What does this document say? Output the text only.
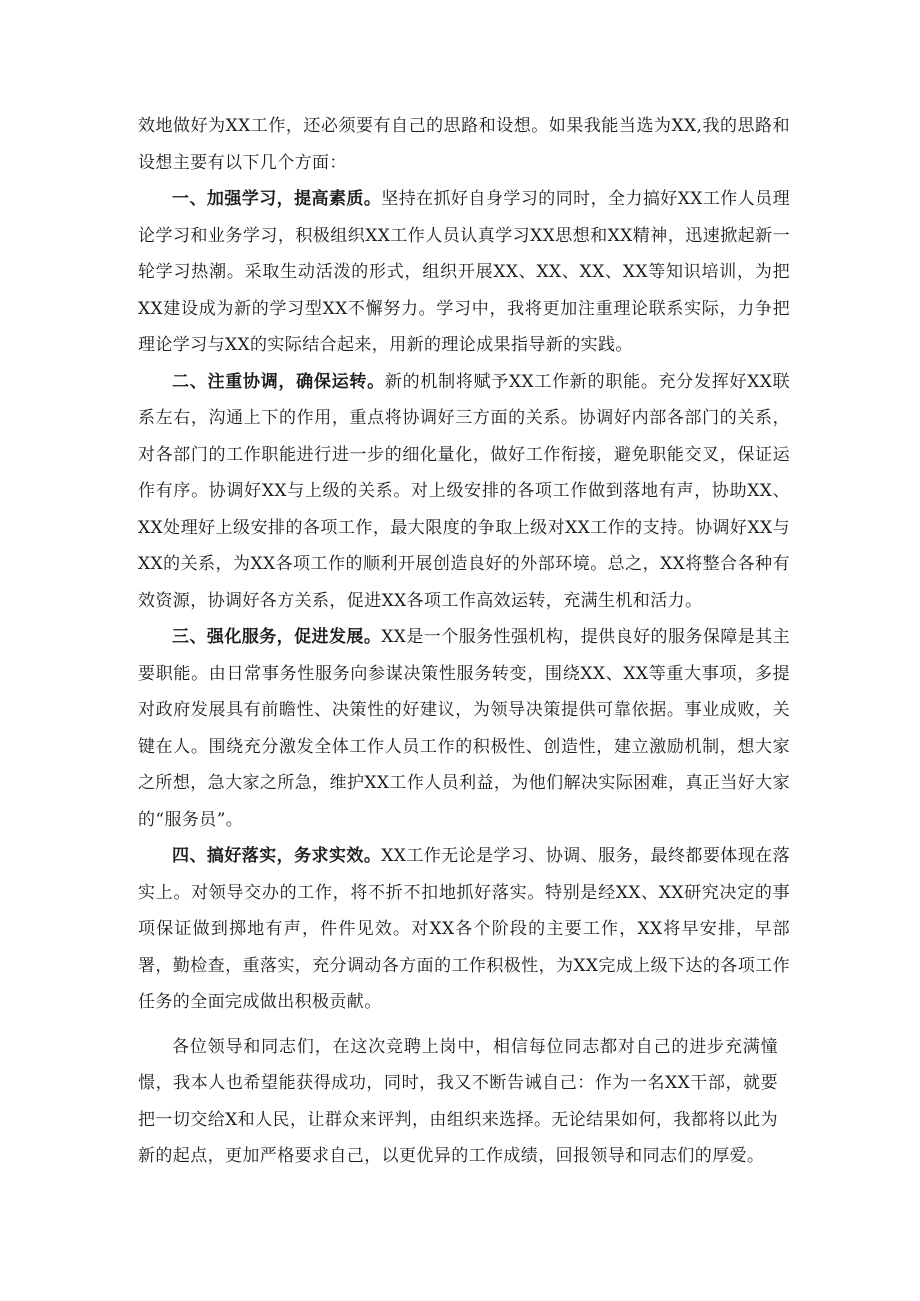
效地做好为XX工作，还必须要有自己的思路和设想。如果我能当选为XX,我的思路和设想主要有以下几个方面：

一、加强学习，提高素质。坚持在抓好自身学习的同时，全力搞好XX工作人员理论学习和业务学习，积极组织XX工作人员认真学习XX思想和XX精神，迅速掀起新一轮学习热潮。采取生动活泼的形式，组织开展XX、XX、XX、XX等知识培训，为把XX建设成为新的学习型XX不懈努力。学习中，我将更加注重理论联系实际，力争把理论学习与XX的实际结合起来，用新的理论成果指导新的实践。

二、注重协调，确保运转。新的机制将赋予XX工作新的职能。充分发挥好XX联系左右，沟通上下的作用，重点将协调好三方面的关系。协调好内部各部门的关系，对各部门的工作职能进行进一步的细化量化，做好工作衔接，避免职能交叉，保证运作有序。协调好XX与上级的关系。对上级安排的各项工作做到落地有声，协助XX、XX处理好上级安排的各项工作，最大限度的争取上级对XX工作的支持。协调好XX与XX的关系，为XX各项工作的顺利开展创造良好的外部环境。总之，XX将整合各种有效资源，协调好各方关系，促进XX各项工作高效运转，充满生机和活力。

三、强化服务，促进发展。XX是一个服务性强机构，提供良好的服务保障是其主要职能。由日常事务性服务向参谋决策性服务转变，围绕XX、XX等重大事项，多提对政府发展具有前瞻性、决策性的好建议，为领导决策提供可靠依据。事业成败，关键在人。围绕充分激发全体工作人员工作的积极性、创造性，建立激励机制，想大家之所想，急大家之所急，维护XX工作人员利益，为他们解决实际困难，真正当好大家的“服务员”。

四、搞好落实，务求实效。XX工作无论是学习、协调、服务，最终都要体现在落实上。对领导交办的工作，将不折不扣地抓好落实。特别是经XX、XX研究决定的事项保证做到掷地有声，件件见效。对XX各个阶段的主要工作，XX将早安排，早部署，勤检查，重落实，充分调动各方面的工作积极性，为XX完成上级下达的各项工作任务的全面完成做出积极贡献。

各位领导和同志们，在这次竞聘上岗中，相信每位同志都对自己的进步充满憧憬，我本人也希望能获得成功，同时，我又不断告诫自己：作为一名XX干部，就要把一切交给X和人民，让群众来评判，由组织来选择。无论结果如何，我都将以此为新的起点，更加严格要求自己，以更优异的工作成绩，回报领导和同志们的厚爱。
